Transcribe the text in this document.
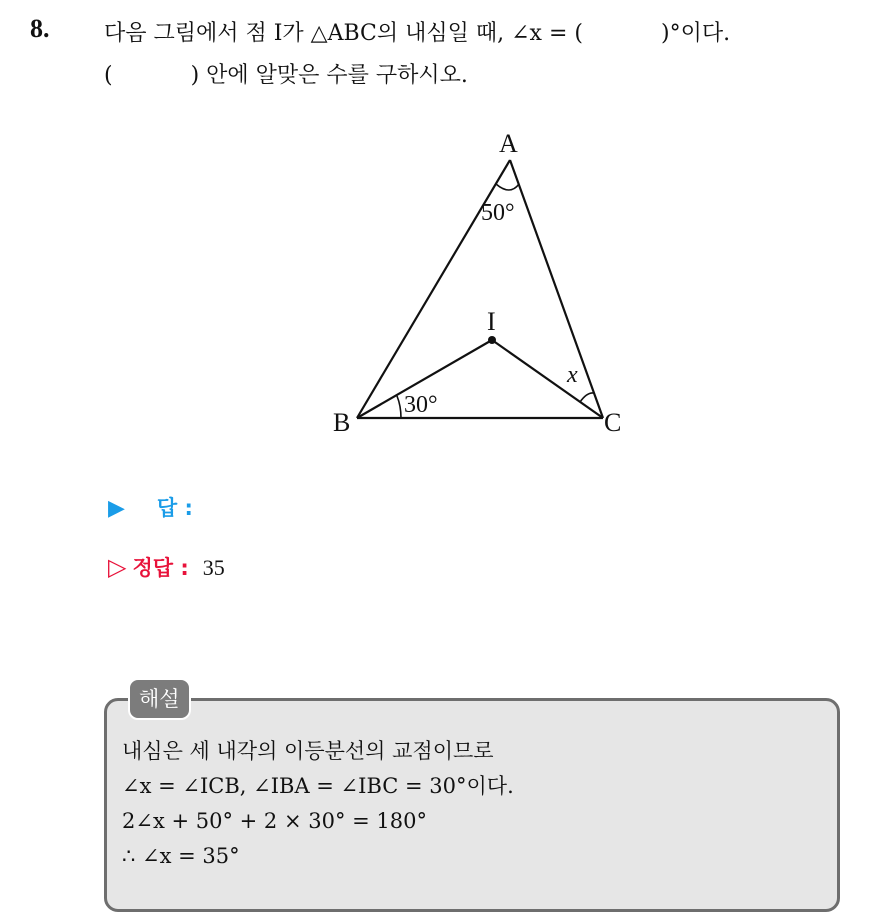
8. 다음 그림에서 점 I가 △ABC의 내심일 때, ∠x = (	)°이다.
(	) 안에 알맞은 수를 구하시오.
A
B	C
I
50°
30°
x
▶ 답 :
▷ 정답 : 35
해설
내심은 세 내각의 이등분선의 교점이므로
∠x = ∠ICB, ∠IBA = ∠IBC = 30°이다.
2∠x + 50° + 2 × 30° = 180°
∴ ∠x = 35°
